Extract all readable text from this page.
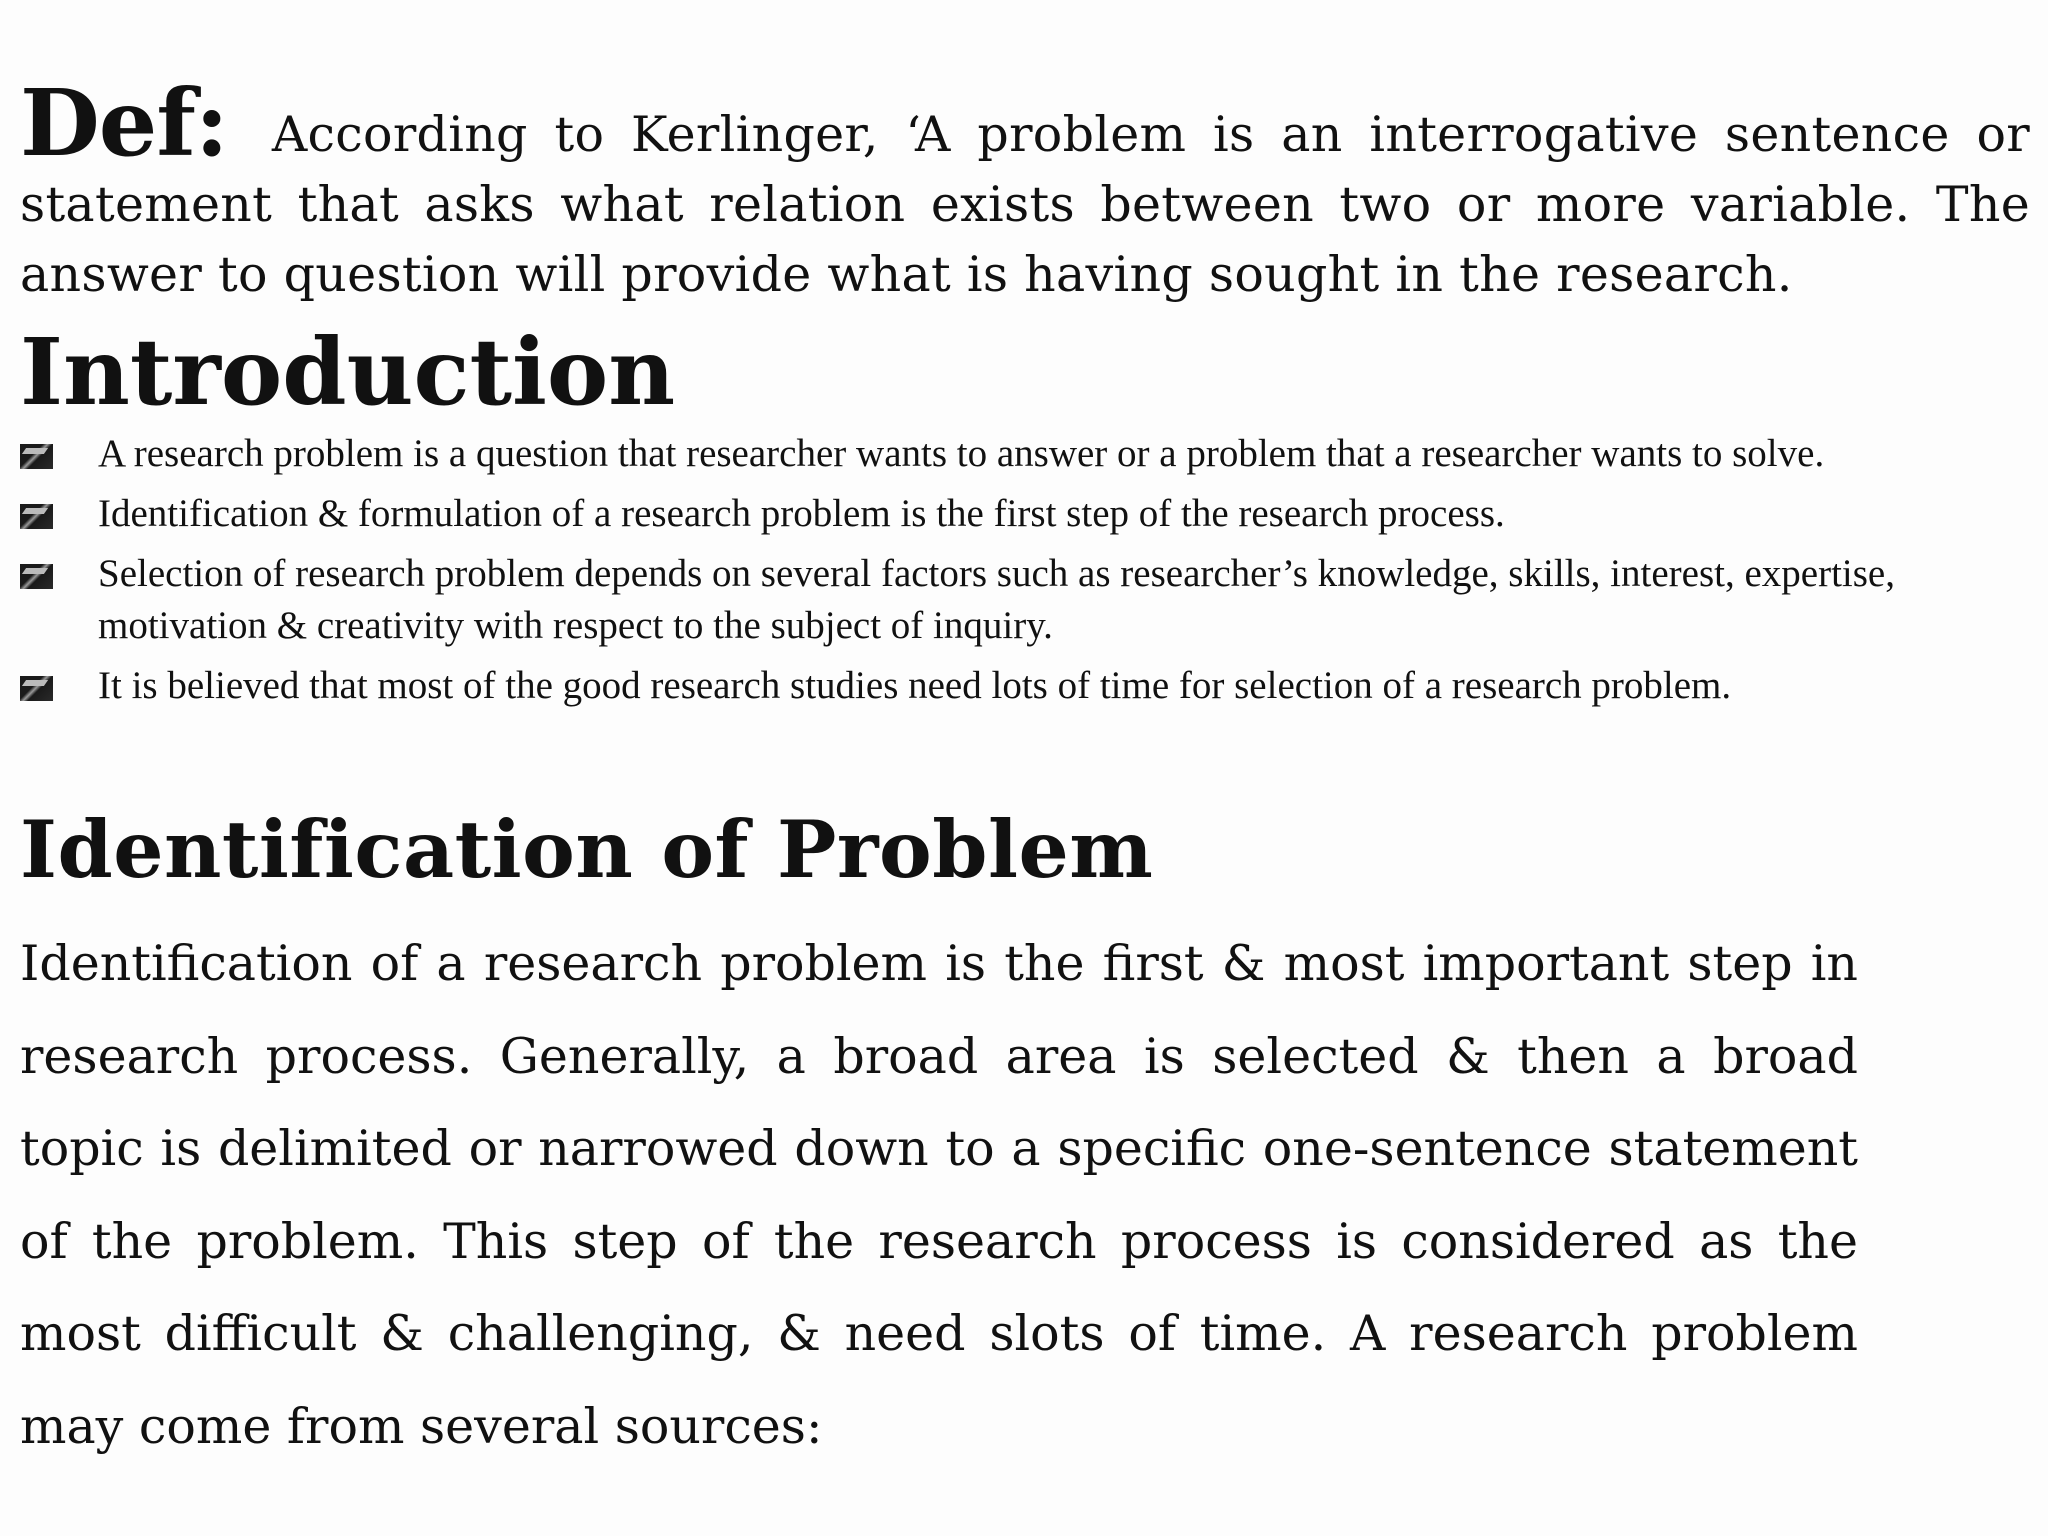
Def: According to Kerlinger, ‘A problem is an interrogative sentence or statement that asks what relation exists between two or more variable. The answer to question will provide what is having sought in the research.

Introduction
A research problem is a question that researcher wants to answer or a problem that a researcher wants to solve.
Identification & formulation of a research problem is the first step of the research process.
Selection of research problem depends on several factors such as researcher’s knowledge, skills, interest, expertise, motivation & creativity with respect to the subject of inquiry.
It is believed that most of the good research studies need lots of time for selection of a research problem.
Identification of Problem

Identification of a research problem is the first & most important step in research process. Generally, a broad area is selected & then a broad topic is delimited or narrowed down to a specific one-sentence statement of the problem. This step of the research process is considered as the most difficult & challenging, & need slots of time. A research problem may come from several sources:
